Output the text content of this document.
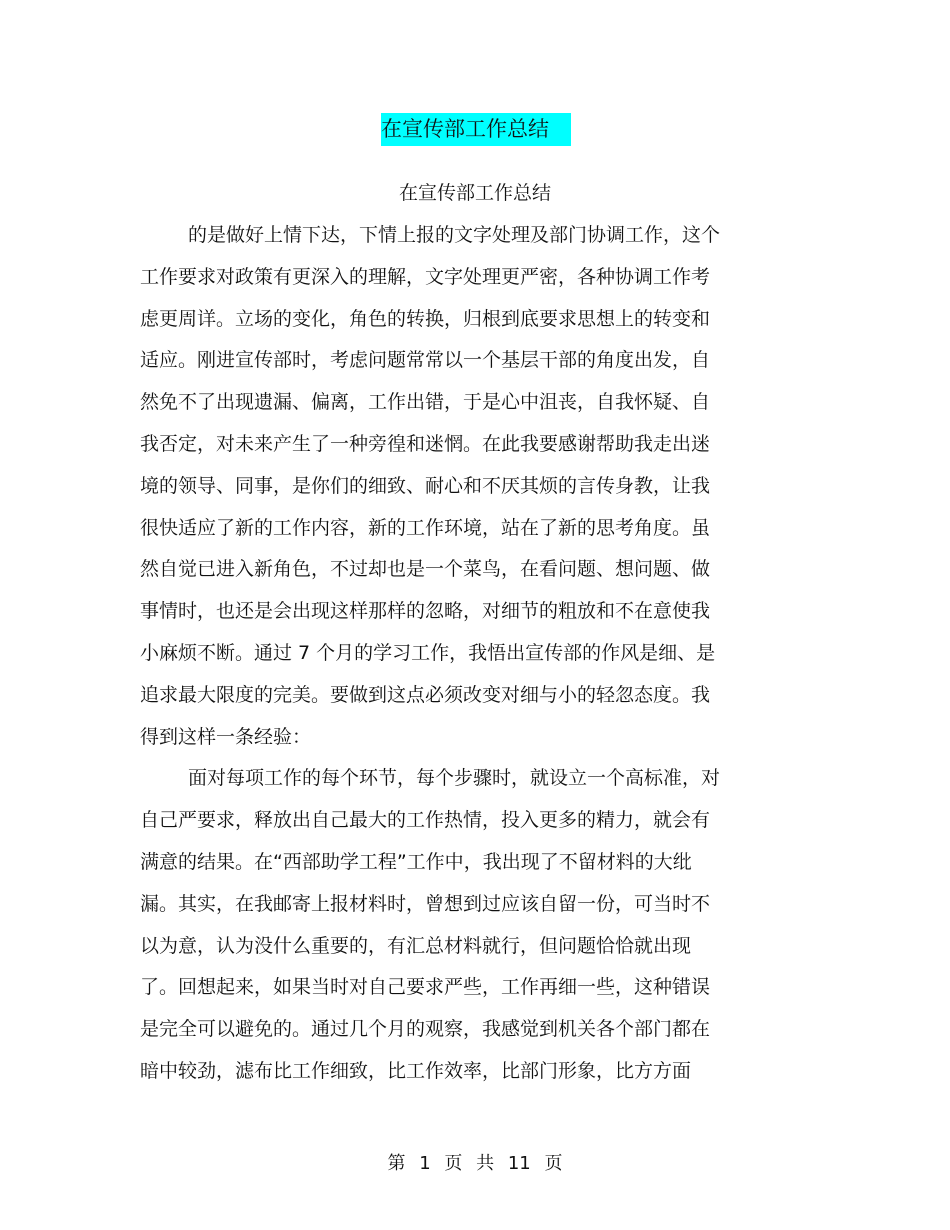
在宣传部工作总结
在宣传部工作总结
的是做好上情下达，下情上报的文字处理及部门协调工作，这个
工作要求对政策有更深入的理解，文字处理更严密，各种协调工作考
虑更周详。立场的变化，角色的转换，归根到底要求思想上的转变和
适应。刚进宣传部时，考虑问题常常以一个基层干部的角度出发，自
然免不了出现遗漏、偏离，工作出错，于是心中沮丧，自我怀疑、自
我否定，对未来产生了一种旁徨和迷惘。在此我要感谢帮助我走出迷
境的领导、同事，是你们的细致、耐心和不厌其烦的言传身教，让我
很快适应了新的工作内容，新的工作环境，站在了新的思考角度。虽
然自觉已进入新角色，不过却也是一个菜鸟，在看问题、想问题、做
事情时，也还是会出现这样那样的忽略，对细节的粗放和不在意使我
小麻烦不断。通过 7 个月的学习工作，我悟出宣传部的作风是细、是
追求最大限度的完美。要做到这点必须改变对细与小的轻忽态度。我
得到这样一条经验：
面对每项工作的每个环节，每个步骤时，就设立一个高标准，对
自己严要求，释放出自己最大的工作热情，投入更多的精力，就会有
满意的结果。在“西部助学工程”工作中，我出现了不留材料的大纰
漏。其实，在我邮寄上报材料时，曾想到过应该自留一份，可当时不
以为意，认为没什么重要的，有汇总材料就行，但问题恰恰就出现
了。回想起来，如果当时对自己要求严些，工作再细一些，这种错误
是完全可以避免的。通过几个月的观察，我感觉到机关各个部门都在
暗中较劲，滤布比工作细致，比工作效率，比部门形象，比方方面
第 1 页 共 11 页
